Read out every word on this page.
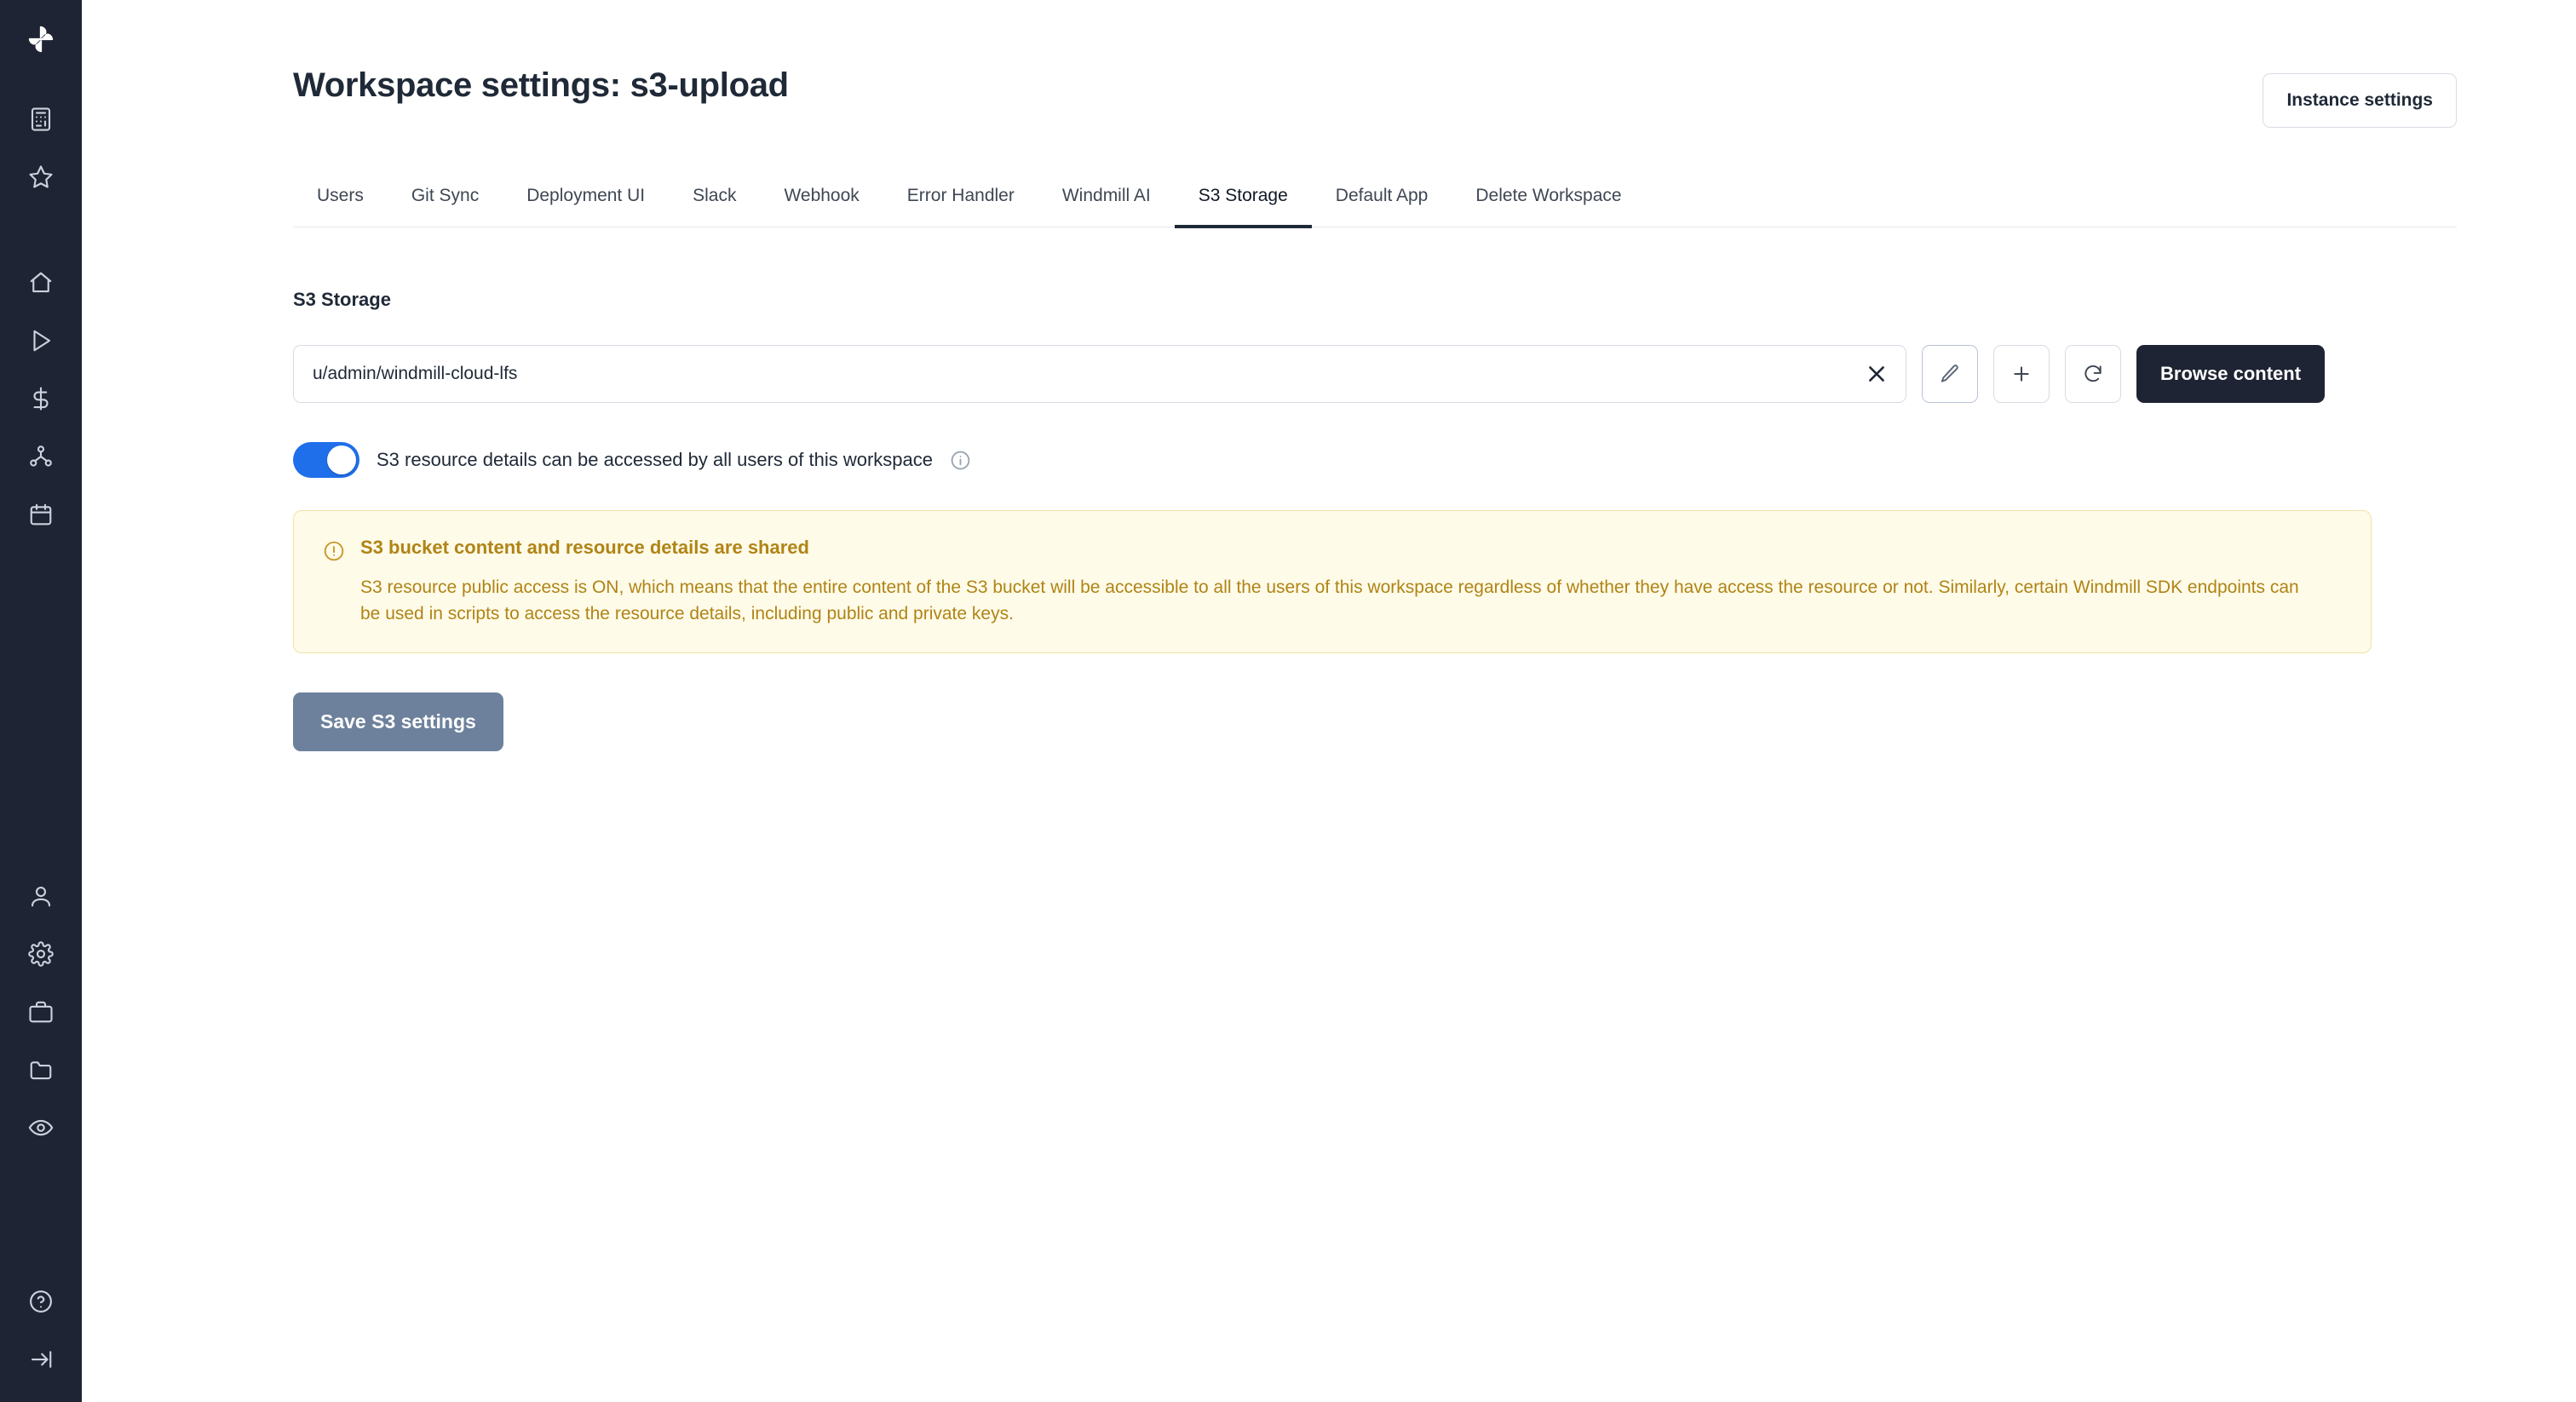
Workspace settings: s3-upload	Instance settings
Users	Git Sync	Deployment UI	Slack	Webhook	Error Handler	Windmill AI	S3 Storage	Default App	Delete Workspace
S3 Storage
u/admin/windmill-cloud-lfs
Browse content
S3 resource details can be accessed by all users of this workspace
S3 bucket content and resource details are shared
S3 resource public access is ON, which means that the entire content of the S3 bucket will be accessible to all the users of this workspace regardless of whether they have access the resource or not. Similarly, certain Windmill SDK endpoints can be used in scripts to access the resource details, including public and private keys.
Save S3 settings
